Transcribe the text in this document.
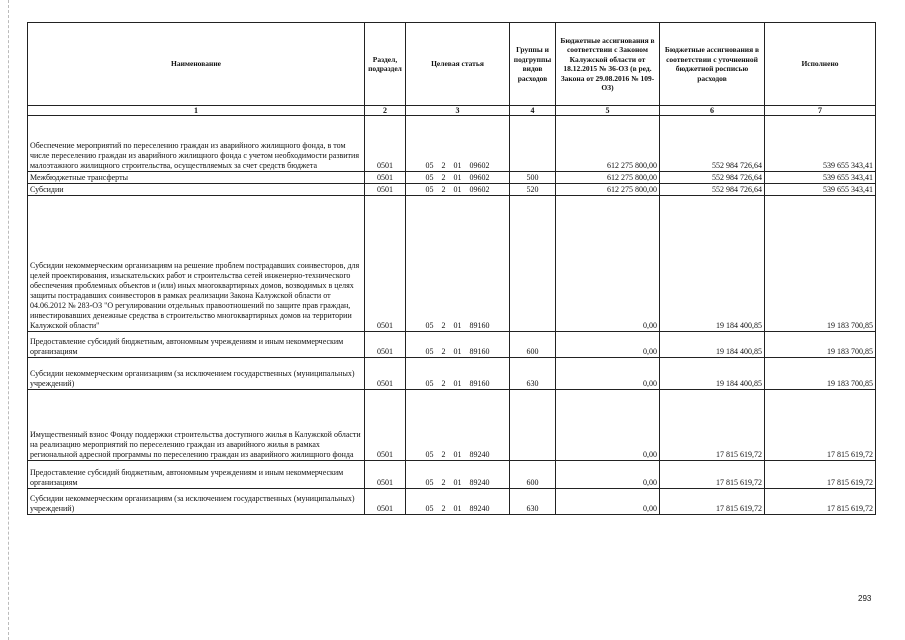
Наименование	Раздел, подраздел	Целевая статья	Группы и подгруппы видов расходов	Бюджетные ассигнования в соответствии с Законом Калужской области от 18.12.2015 № 36-ОЗ (в ред. Закона от 29.08.2016 № 109-ОЗ)	Бюджетные ассигнования в соответствии с уточненной бюджетной росписью расходов	Исполнено
1	2	3	4	5	6	7
Обеспечение мероприятий по переселению граждан из аварийного жилищного фонда, в том числе переселению граждан из аварийного жилищного фонда с учетом необходимости развития малоэтажного жилищного строительства, осуществляемых за счет средств бюджета	0501	05 2 01 09602		612 275 800,00	552 984 726,64	539 655 343,41
Межбюджетные трансферты	0501	05 2 01 09602	500	612 275 800,00	552 984 726,64	539 655 343,41
Субсидии	0501	05 2 01 09602	520	612 275 800,00	552 984 726,64	539 655 343,41
Субсидии некоммерческим организациям на решение проблем пострадавших соинвесторов, для целей проектирования, изыскательских работ и строительства сетей инженерно-технического обеспечения проблемных объектов и (или) иных многоквартирных домов, возводимых в целях защиты пострадавших соинвесторов в рамках реализации Закона Калужской области от 04.06.2012 № 283-ОЗ "О регулировании отдельных правоотношений по защите прав граждан, инвестировавших денежные средства в строительство многоквартирных домов на территории Калужской области"	0501	05 2 01 89160		0,00	19 184 400,85	19 183 700,85
Предоставление субсидий бюджетным, автономным учреждениям и иным некоммерческим организациям	0501	05 2 01 89160	600	0,00	19 184 400,85	19 183 700,85
Субсидии некоммерческим организациям (за исключением государственных (муниципальных) учреждений)	0501	05 2 01 89160	630	0,00	19 184 400,85	19 183 700,85
Имущественный взнос Фонду поддержки строительства доступного жилья в Калужской области на реализацию мероприятий по переселению граждан из аварийного жилья в рамках региональной адресной программы по переселению граждан из аварийного жилищного фонда	0501	05 2 01 89240		0,00	17 815 619,72	17 815 619,72
Предоставление субсидий бюджетным, автономным учреждениям и иным некоммерческим организациям	0501	05 2 01 89240	600	0,00	17 815 619,72	17 815 619,72
Субсидии некоммерческим организациям (за исключением государственных (муниципальных) учреждений)	0501	05 2 01 89240	630	0,00	17 815 619,72	17 815 619,72
293
